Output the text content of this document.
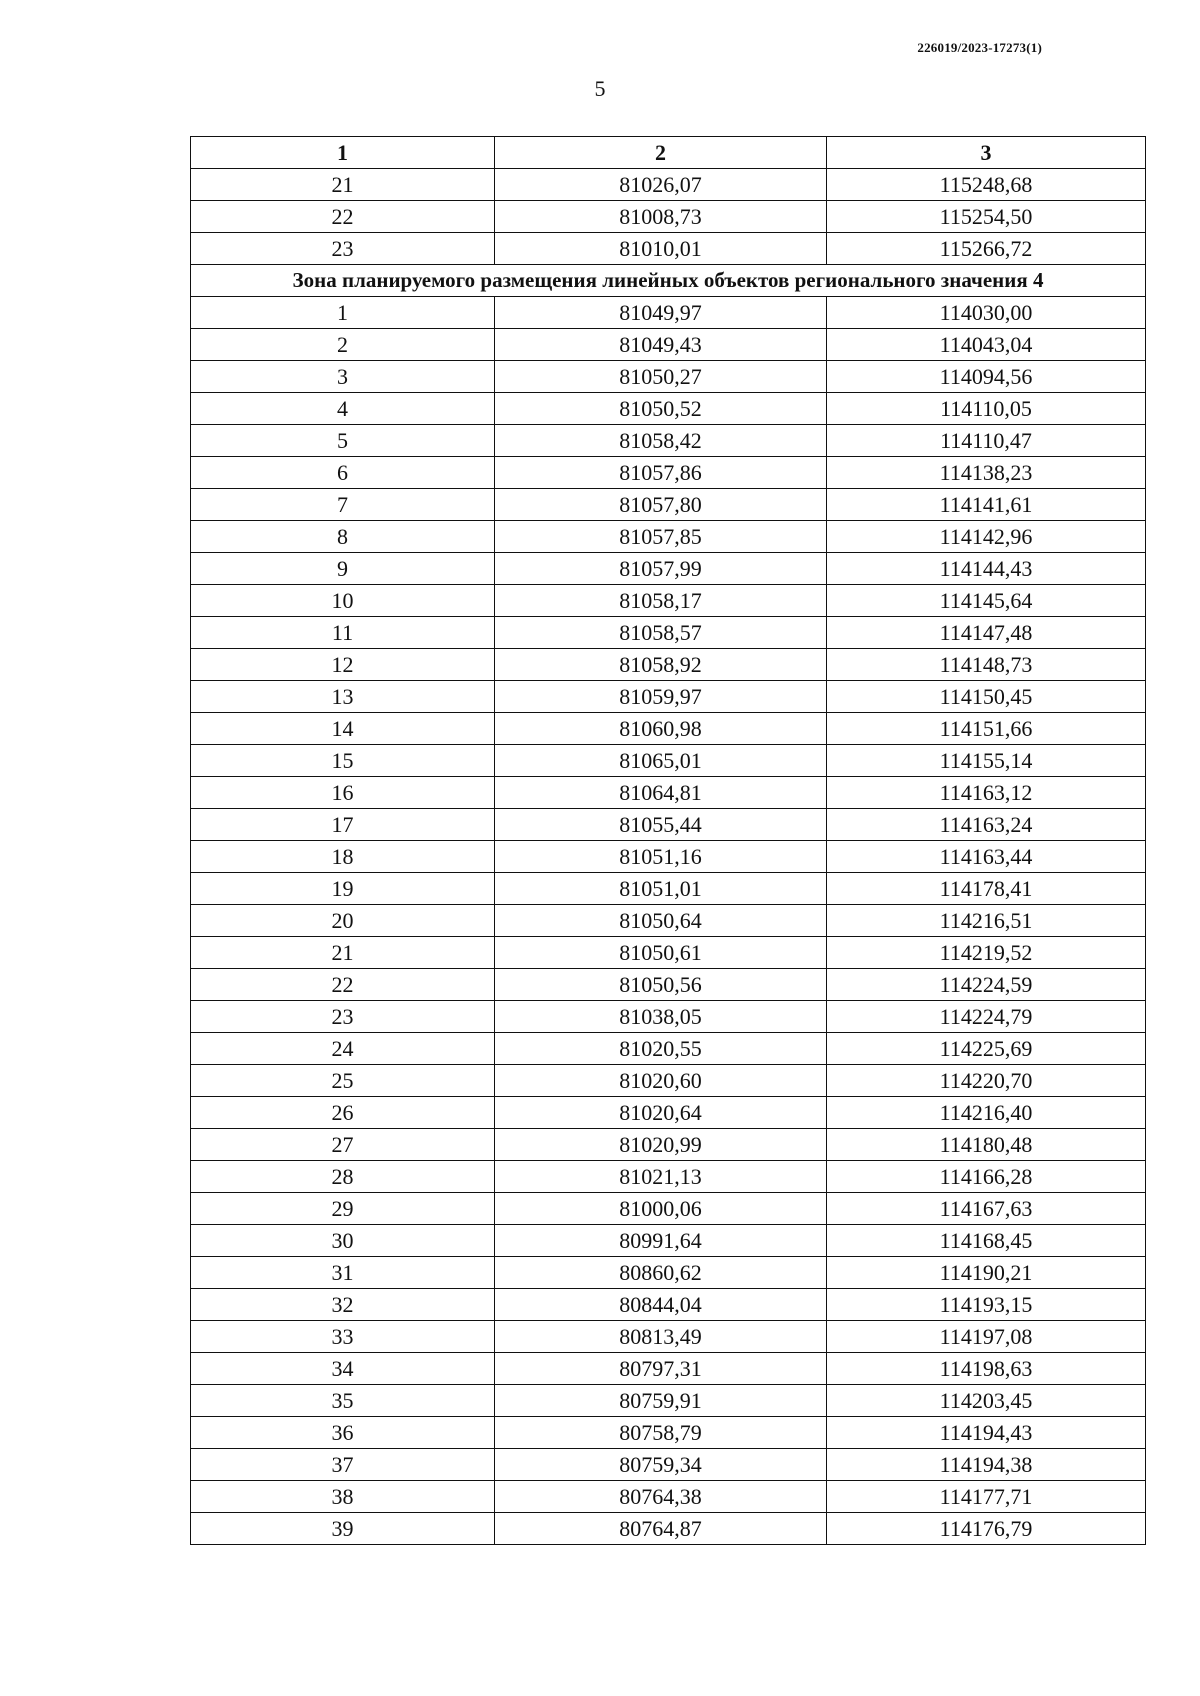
226019/2023-17273(1)
5
1	2	3
21	81026,07	115248,68
22	81008,73	115254,50
23	81010,01	115266,72
Зона планируемого размещения линейных объектов регионального значения 4		
1	81049,97	114030,00
2	81049,43	114043,04
3	81050,27	114094,56
4	81050,52	114110,05
5	81058,42	114110,47
6	81057,86	114138,23
7	81057,80	114141,61
8	81057,85	114142,96
9	81057,99	114144,43
10	81058,17	114145,64
11	81058,57	114147,48
12	81058,92	114148,73
13	81059,97	114150,45
14	81060,98	114151,66
15	81065,01	114155,14
16	81064,81	114163,12
17	81055,44	114163,24
18	81051,16	114163,44
19	81051,01	114178,41
20	81050,64	114216,51
21	81050,61	114219,52
22	81050,56	114224,59
23	81038,05	114224,79
24	81020,55	114225,69
25	81020,60	114220,70
26	81020,64	114216,40
27	81020,99	114180,48
28	81021,13	114166,28
29	81000,06	114167,63
30	80991,64	114168,45
31	80860,62	114190,21
32	80844,04	114193,15
33	80813,49	114197,08
34	80797,31	114198,63
35	80759,91	114203,45
36	80758,79	114194,43
37	80759,34	114194,38
38	80764,38	114177,71
39	80764,87	114176,79
